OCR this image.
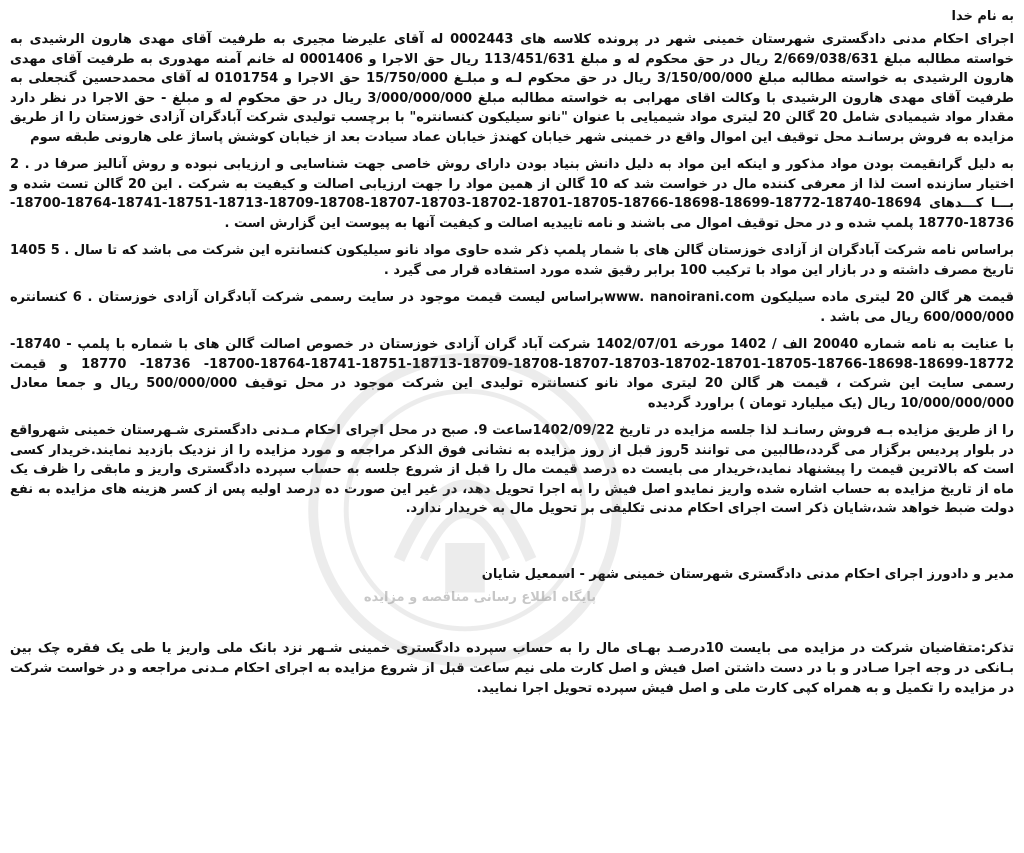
پایگاه اطلاع رسانی مناقصه و مزایده
به نام خدا
اجرای احکام مدنی دادگستری شهرستان خمینی شهر در پرونده کلاسه های 0002443 له آقای علیرضا مجیری به طرفیت آقای مهدی هارون الرشیدی به خواسته مطالبه مبلغ 2/669/038/631 ریال در حق محکوم له و مبلغ 113/451/631 ریال حق الاجرا و 0001406 له خانم آمنه مهدوری به طرفیت آقای مهدی هارون الرشیدی به خواسته مطالبه مبلغ 3/150/00/000 ریال در حق محکوم لـه و مبلـغ 15/750/000 حق الاجرا و 0101754 له آقای محمدحسین گنجعلی به طرفیت آقای مهدی هارون الرشیدی با وکالت اقای مهرابی به خواسته مطالبه مبلغ 3/000/000/000 ریال در حق محکوم له و مبلغ - حق الاجرا در نظر دارد مقدار مواد شیمیادی شامل 20 گالن 20 لیتری مواد شیمیایی با عنوان "نانو سیلیکون کنسانتره" با برچسب تولیدی شرکت آبادگران آزادی خوزستان را از طریق مزایده به فروش برسانـد محل توقیف این اموال واقع در خمینی شهر خیابان کهندژ خیابان عماد سیادت بعد از خیابان کوشش پاساژ علی هارونی طبقه سوم
به دلیل گرانقیمت بودن مواد مذکور و اینکه این مواد به دلیل دانش بنیاد بودن دارای روش خاصی جهت شناسایی و ارزیابی نبوده و روش آنالیز صرفا در . 2 اختیار سازنده است لذا از معرفی کننده مال در خواست شد که 10 گالن از همین مواد را جهت ارزیابی اصالت و کیفیت به شرکت . این 20 گالن تست شده و بـــا کـــدهای 18694-18740-18772-18699-18698-18766-18705-18701-18702-18703-18707-18708-18709-18713-18751-18741-18764-18700-18736-18770 پلمپ شده و در محل توقیف اموال می باشند و نامه تاییدیه اصالت و کیفیت آنها به پیوست این گزارش است .
براساس نامه شرکت آبادگران از آزادی خوزستان گالن های با شمار پلمپ ذکر شده حاوی مواد نانو سیلیکون کنسانتره این شرکت می باشد که تا سال . 5 1405 تاریخ مصرف داشته و در بازار این مواد با ترکیب 100 برابر رقیق شده مورد استفاده قرار می گیرد .
قیمت هر گالن 20 لیتری ماده سیلیکون www. nanoirani.comبراساس لیست قیمت موجود در سایت رسمی شرکت آبادگران آزادی خوزستان . 6 کنسانتره 600/000/000 ریال می باشد .
با عنایت به نامه شماره 20040 الف / 1402 مورخه 1402/07/01 شرکت آباد گران آزادی خوزستان در خصوص اصالت گالن های با شماره با پلمپ - 18740-18772-18699-18698-18766-18705-18701-18702-18703-18707-18708-18709-18713-18751-18741-18764-18700- 18736- 18770 و قیمت رسمی سایت این شرکت ، قیمت هر گالن 20 لیتری مواد نانو کنسانتره تولیدی این شرکت موجود در محل توقیف 500/000/000 ریال و جمعا معادل 10/000/000/000 ریال (یک میلیارد تومان ) براورد گردیده
را از طریق مزایده بـه فروش رسانـد لذا جلسه مزایده در تاریخ 1402/09/22ساعت 9. صبح در محل اجرای احکام مـدنی دادگستری شـهرستان خمینی شهرواقع در بلوار پردیس برگزار می گردد،طالبین می توانند 5روز قبل از روز مزایده به نشانی فوق الذکر مراجعه و مورد مزایده را از نزدیک بازدید نمایند.خریدار کسی است که بالاترین قیمت را پیشنهاد نماید،خریدار می بایست ده درصد قیمت مال را قبل از شروع جلسه به حساب سپرده دادگستری واریز و مابقی را ظرف یک ماه از تاریخ مزایده به حساب اشاره شده واریز نمایدو اصل فیش را به اجرا تحویل دهد، در غیر این صورت ده درصد اولیه پس از کسر هزینه های مزایده به نفع دولت ضبط خواهد شد،شایان ذکر است اجرای احکام مدنی تکلیفی بر تحویل مال به خریدار ندارد.
مدیر و دادورز اجرای احکام مدنی دادگستری شهرستان خمینی شهر - اسمعیل شایان
تذکر:متقاضیان شرکت در مزایده می بایست 10درصـد بهـای مال را به حساب سپرده دادگستری خمینی شـهر نزد بانک ملی واریز یا طی یک فقره چک بین بـانکی در وجه اجرا صـادر و با در دست داشتن اصل فیش و اصل کارت ملی نیم ساعت قبل از شروع مزایده به اجرای احکام مـدنی مراجعه و در خواست شرکت در مزایده را تکمیل و به همراه کپی کارت ملی و اصل فیش سپرده تحویل اجرا نمایید.
